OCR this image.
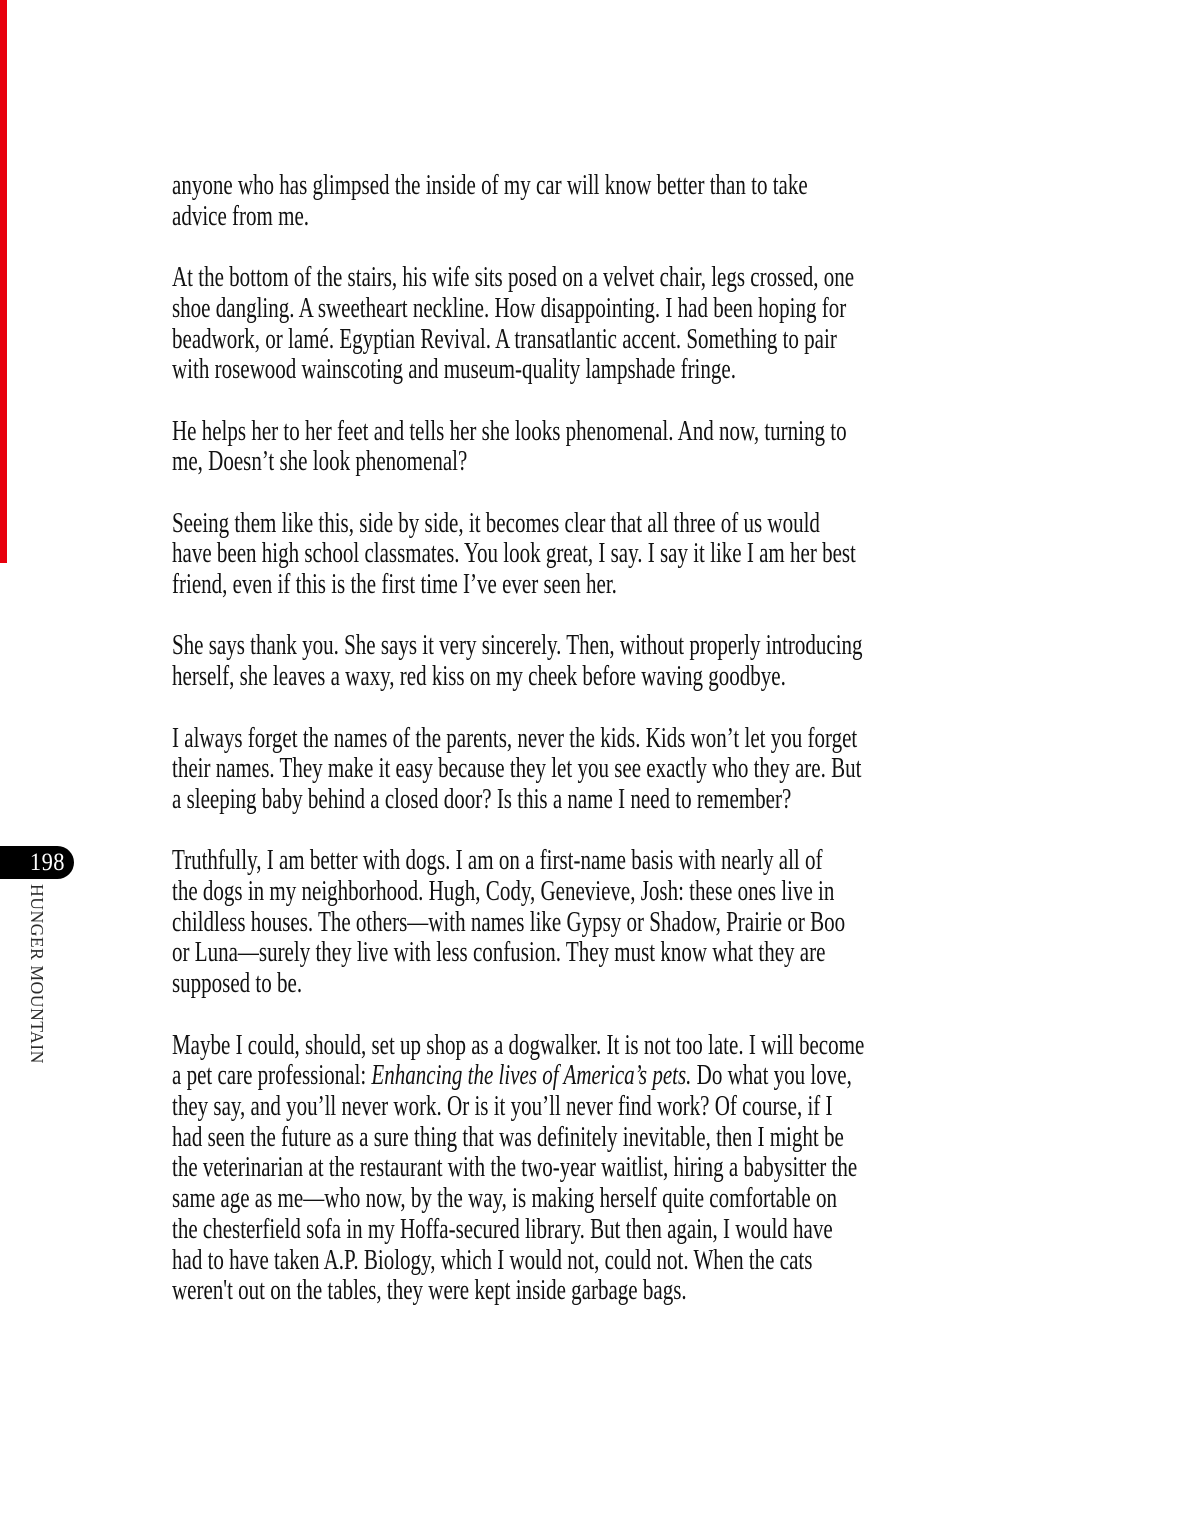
198
HUNGER MOUNTAIN
anyone who has glimpsed the inside of my car will know better than to take
advice from me.
At the bottom of the stairs, his wife sits posed on a velvet chair, legs crossed, one
shoe dangling. A sweetheart neckline. How disappointing. I had been hoping for
beadwork, or lamé. Egyptian Revival. A transatlantic accent. Something to pair
with rosewood wainscoting and museum-quality lampshade fringe.
He helps her to her feet and tells her she looks phenomenal. And now, turning to
me, Doesn’t she look phenomenal?
Seeing them like this, side by side, it becomes clear that all three of us would
have been high school classmates. You look great, I say. I say it like I am her best
friend, even if this is the first time I’ve ever seen her.
She says thank you. She says it very sincerely. Then, without properly introducing
herself, she leaves a waxy, red kiss on my cheek before waving goodbye.
I always forget the names of the parents, never the kids. Kids won’t let you forget
their names. They make it easy because they let you see exactly who they are. But
a sleeping baby behind a closed door? Is this a name I need to remember?
Truthfully, I am better with dogs. I am on a first-name basis with nearly all of
the dogs in my neighborhood. Hugh, Cody, Genevieve, Josh: these ones live in
childless houses. The others—with names like Gypsy or Shadow, Prairie or Boo
or Luna—surely they live with less confusion. They must know what they are
supposed to be.
Maybe I could, should, set up shop as a dogwalker. It is not too late. I will become
a pet care professional: Enhancing the lives of America’s pets. Do what you love,
they say, and you’ll never work. Or is it you’ll never find work? Of course, if I
had seen the future as a sure thing that was definitely inevitable, then I might be
the veterinarian at the restaurant with the two-year waitlist, hiring a babysitter the
same age as me—who now, by the way, is making herself quite comfortable on
the chesterfield sofa in my Hoffa-secured library. But then again, I would have
had to have taken A.P. Biology, which I would not, could not. When the cats
weren't out on the tables, they were kept inside garbage bags.
